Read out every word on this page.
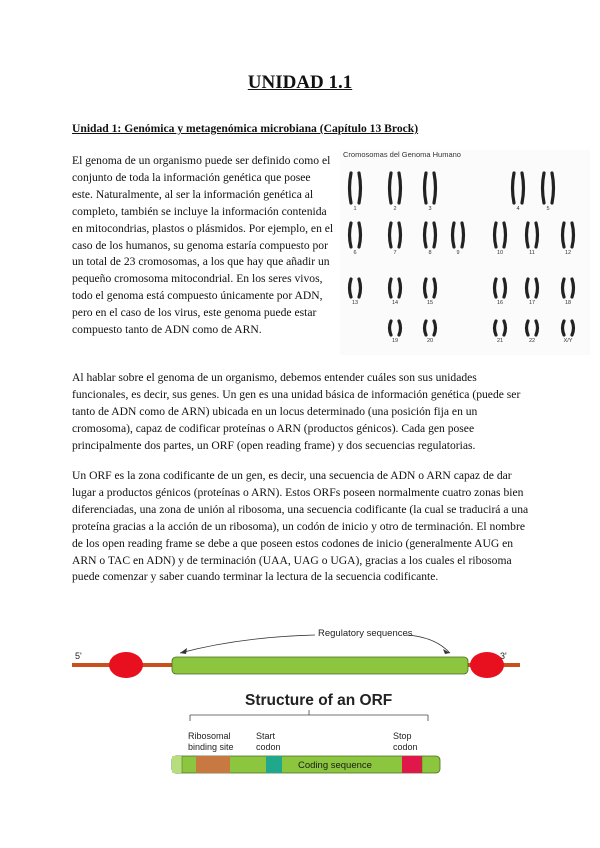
UNIDAD 1.1
Unidad 1: Genómica y metagenómica microbiana (Capítulo 13 Brock)
El genoma de un organismo puede ser definido como el conjunto de toda la información genética que posee este. Naturalmente, al ser la información genética al completo, también se incluye la información contenida en mitocondrias, plastos o plásmidos. Por ejemplo, en el caso de los humanos, su genoma estaría compuesto por un total de 23 cromosomas, a los que hay que añadir un pequeño cromosoma mitocondrial. En los seres vivos, todo el genoma está compuesto únicamente por ADN, pero en el caso de los virus, este genoma puede estar compuesto tanto de ADN como de ARN.
Cromosomas del Genoma Humano
1	2	3	4	5
6	7	8	9	10	11	12
13	14	15	16	17	18
19	20	21	22	X/Y
Al hablar sobre el genoma de un organismo, debemos entender cuáles son sus unidades funcionales, es decir, sus genes. Un gen es una unidad básica de información genética (puede ser tanto de ADN como de ARN) ubicada en un locus determinado (una posición fija en un cromosoma), capaz de codificar proteínas o ARN (productos génicos). Cada gen posee principalmente dos partes, un ORF (open reading frame) y dos secuencias regulatorias.
Un ORF es la zona codificante de un gen, es decir, una secuencia de ADN o ARN capaz de dar lugar a productos génicos (proteínas o ARN). Estos ORFs poseen normalmente cuatro zonas bien diferenciadas, una zona de unión al ribosoma, una secuencia codificante (la cual se traducirá a una proteína gracias a la acción de un ribosoma), un codón de inicio y otro de terminación. El nombre de los open reading frame se debe a que poseen estos codones de inicio (generalmente AUG en ARN o TAC en ADN) y de terminación (UAA, UAG o UGA), gracias a los cuales el ribosoma puede comenzar y saber cuando terminar la lectura de la secuencia codificante.
Regulatory sequences
5'	3'
Structure of an ORF
Ribosomal
binding site
Start
codon
Stop
codon
Coding sequence
